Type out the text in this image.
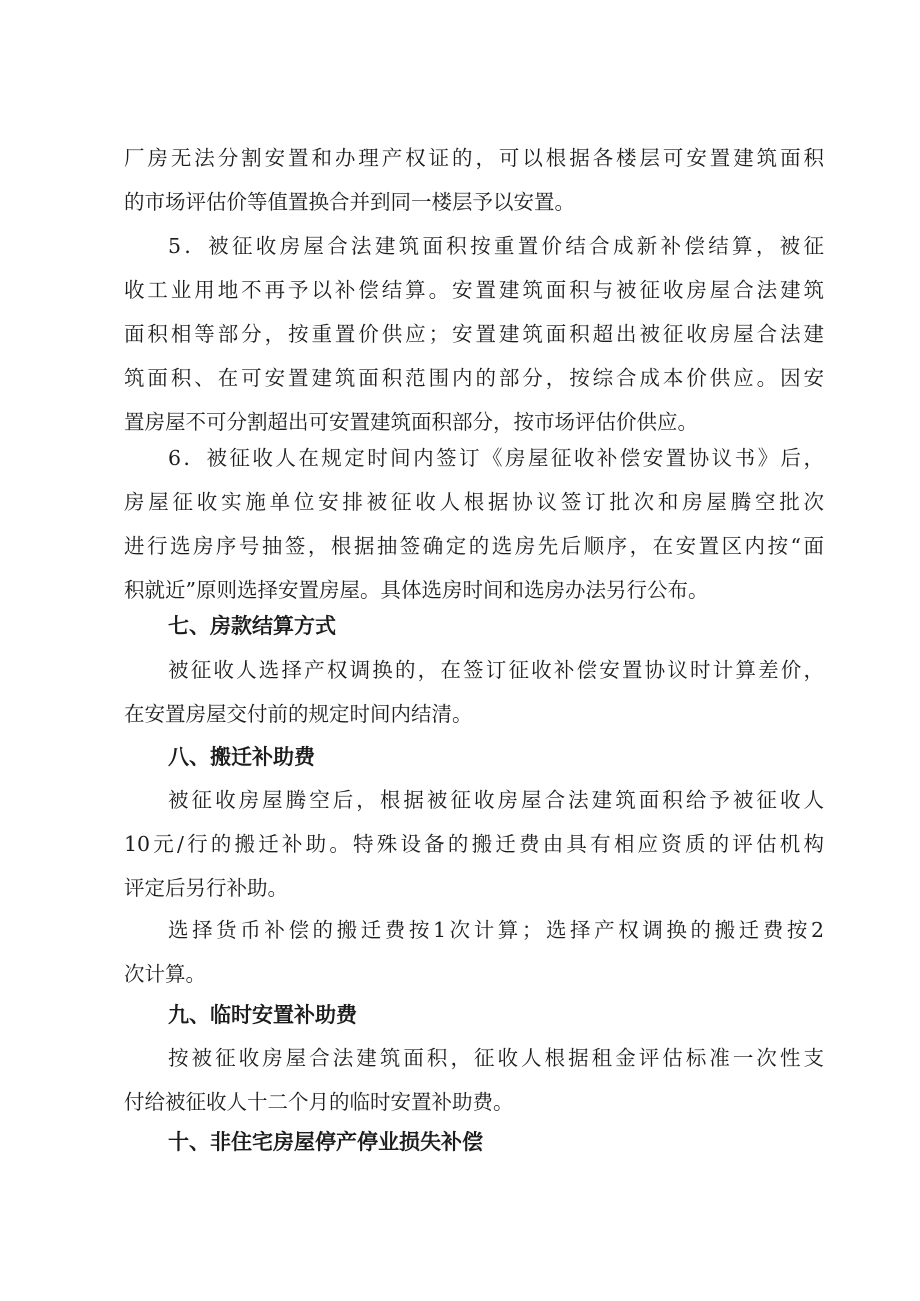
厂房无法分割安置和办理产权证的，可以根据各楼层可安置建筑面积
的市场评估价等值置换合并到同一楼层予以安置。
5．被征收房屋合法建筑面积按重置价结合成新补偿结算，被征
收工业用地不再予以补偿结算。安置建筑面积与被征收房屋合法建筑
面积相等部分，按重置价供应；安置建筑面积超出被征收房屋合法建
筑面积、在可安置建筑面积范围内的部分，按综合成本价供应。因安
置房屋不可分割超出可安置建筑面积部分，按市场评估价供应。
6．被征收人在规定时间内签订《房屋征收补偿安置协议书》后，
房屋征收实施单位安排被征收人根据协议签订批次和房屋腾空批次
进行选房序号抽签，根据抽签确定的选房先后顺序，在安置区内按“面
积就近”原则选择安置房屋。具体选房时间和选房办法另行公布。
七、房款结算方式
被征收人选择产权调换的，在签订征收补偿安置协议时计算差价，
在安置房屋交付前的规定时间内结清。
八、搬迁补助费
被征收房屋腾空后，根据被征收房屋合法建筑面积给予被征收人
10元/行的搬迁补助。特殊设备的搬迁费由具有相应资质的评估机构
评定后另行补助。
选择货币补偿的搬迁费按1次计算；选择产权调换的搬迁费按2
次计算。
九、临时安置补助费
按被征收房屋合法建筑面积，征收人根据租金评估标准一次性支
付给被征收人十二个月的临时安置补助费。
十、非住宅房屋停产停业损失补偿
